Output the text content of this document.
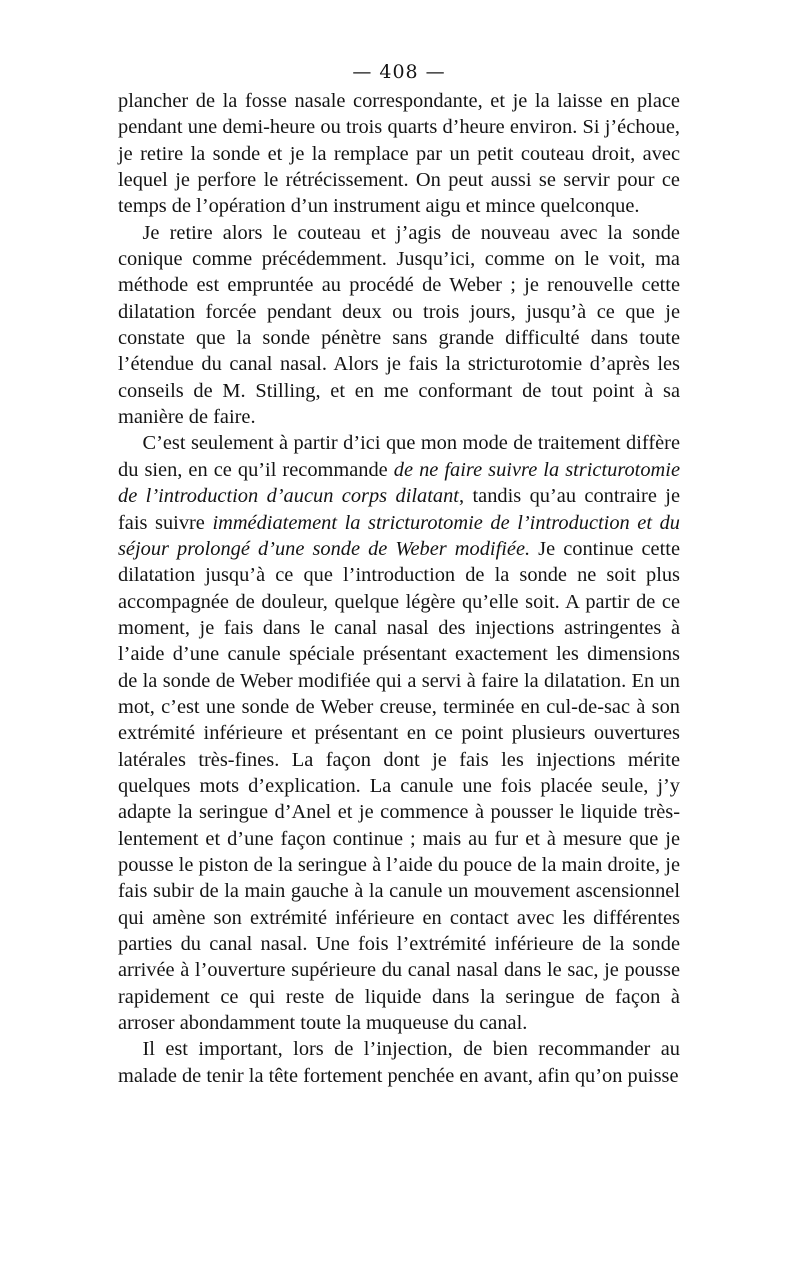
— 408 —

plancher de la fosse nasale correspondante, et je la laisse en place pendant une demi-heure ou trois quarts d’heure environ. Si j’échoue, je retire la sonde et je la remplace par un petit couteau droit, avec lequel je perfore le rétrécissement. On peut aussi se servir pour ce temps de l’opération d’un instrument aigu et mince quelconque.

Je retire alors le couteau et j’agis de nouveau avec la sonde conique comme précédemment. Jusqu’ici, comme on le voit, ma méthode est empruntée au procédé de Weber ; je renouvelle cette dilatation forcée pendant deux ou trois jours, jusqu’à ce que je constate que la sonde pénètre sans grande difficulté dans toute l’étendue du canal nasal. Alors je fais la stricturotomie d’après les conseils de M. Stilling, et en me conformant de tout point à sa manière de faire.

C’est seulement à partir d’ici que mon mode de traitement diffère du sien, en ce qu’il recommande de ne faire suivre la stricturotomie de l’introduction d’aucun corps dilatant, tandis qu’au contraire je fais suivre immédiatement la stricturotomie de l’introduction et du séjour prolongé d’une sonde de Weber modifiée. Je continue cette dilatation jusqu’à ce que l’introduction de la sonde ne soit plus accompagnée de douleur, quelque légère qu’elle soit. A partir de ce moment, je fais dans le canal nasal des injections astringentes à l’aide d’une canule spéciale présentant exactement les dimensions de la sonde de Weber modifiée qui a servi à faire la dilatation. En un mot, c’est une sonde de Weber creuse, terminée en cul-de-sac à son extrémité inférieure et présentant en ce point plusieurs ouvertures latérales très-fines. La façon dont je fais les injections mérite quelques mots d’explication. La canule une fois placée seule, j’y adapte la seringue d’Anel et je commence à pousser le liquide très-lentement et d’une façon continue ; mais au fur et à mesure que je pousse le piston de la seringue à l’aide du pouce de la main droite, je fais subir de la main gauche à la canule un mouvement ascensionnel qui amène son extrémité inférieure en contact avec les différentes parties du canal nasal. Une fois l’extrémité inférieure de la sonde arrivée à l’ouverture supérieure du canal nasal dans le sac, je pousse rapidement ce qui reste de liquide dans la seringue de façon à arroser abondamment toute la muqueuse du canal.

Il est important, lors de l’injection, de bien recommander au malade de tenir la tête fortement penchée en avant, afin qu’on puisse
